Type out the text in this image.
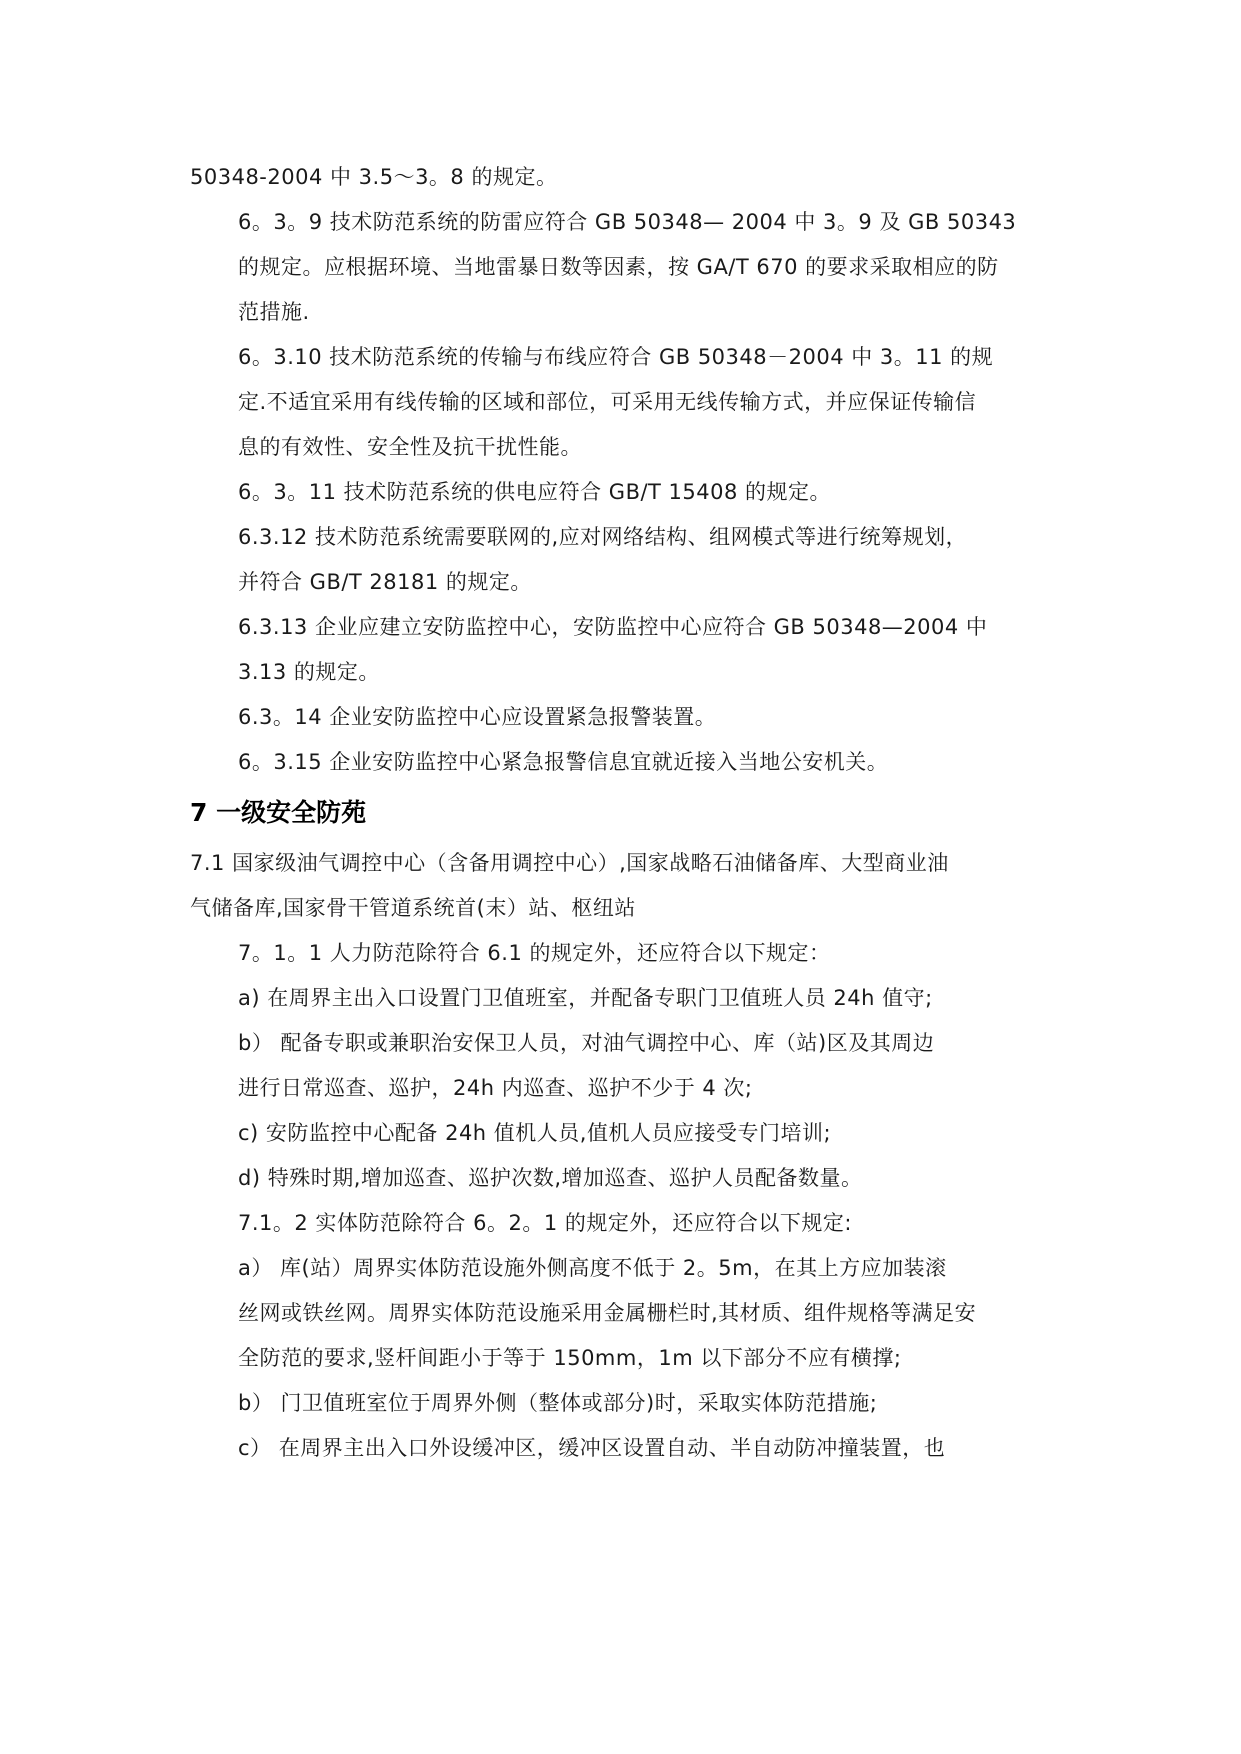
50348-2004 中 3.5～3。8 的规定。

6。3。9 技术防范系统的防雷应符合 GB 50348— 2004 中 3。9 及 GB 50343
的规定。应根据环境、当地雷暴日数等因素，按 GA/T 670 的要求采取相应的防
范措施.

6。3.10 技术防范系统的传输与布线应符合 GB 50348－2004 中 3。11 的规
定.不适宜采用有线传输的区域和部位，可采用无线传输方式，并应保证传输信
息的有效性、安全性及抗干扰性能。

6。3。11 技术防范系统的供电应符合 GB/T 15408 的规定。

6.3.12 技术防范系统需要联网的,应对网络结构、组网模式等进行统筹规划，
并符合 GB/T 28181 的规定。

6.3.13 企业应建立安防监控中心，安防监控中心应符合 GB 50348—2004 中
3.13 的规定。

6.3。14 企业安防监控中心应设置紧急报警装置。

6。3.15 企业安防监控中心紧急报警信息宜就近接入当地公安机关。

7 一级安全防苑

7.1 国家级油气调控中心（含备用调控中心）,国家战略石油储备库、大型商业油
气储备库,国家骨干管道系统首(末）站、枢纽站

7。1。1 人力防范除符合 6.1 的规定外，还应符合以下规定：

a) 在周界主出入口设置门卫值班室，并配备专职门卫值班人员 24h 值守;

b） 配备专职或兼职治安保卫人员，对油气调控中心、库（站)区及其周边
进行日常巡查、巡护，24h 内巡查、巡护不少于 4 次;

c) 安防监控中心配备 24h 值机人员,值机人员应接受专门培训;

d) 特殊时期,增加巡查、巡护次数,增加巡查、巡护人员配备数量。

7.1。2 实体防范除符合 6。2。1 的规定外，还应符合以下规定:

a） 库(站）周界实体防范设施外侧高度不低于 2。5m，在其上方应加装滚
丝网或铁丝网。周界实体防范设施采用金属栅栏时,其材质、组件规格等满足安
全防范的要求,竖杆间距小于等于 150mm，1m 以下部分不应有横撑;

b） 门卫值班室位于周界外侧（整体或部分)时，采取实体防范措施;

c） 在周界主出入口外设缓冲区，缓冲区设置自动、半自动防冲撞装置，也
